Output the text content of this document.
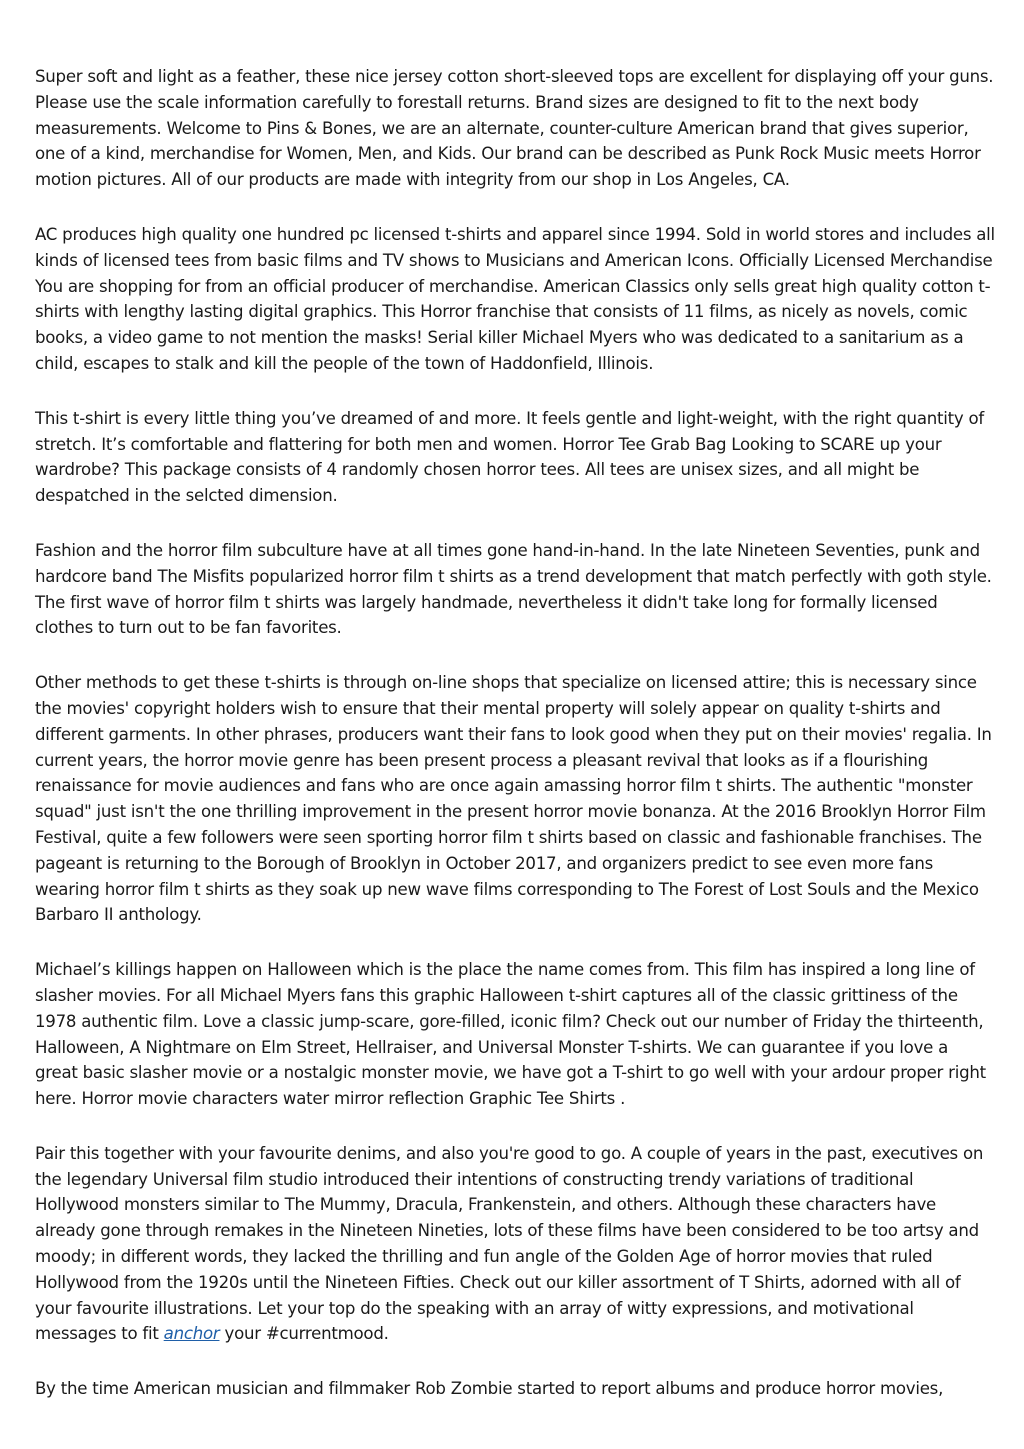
Super soft and light as a feather, these nice jersey cotton short-sleeved tops are excellent for displaying off your guns. Please use the scale information carefully to forestall returns. Brand sizes are designed to fit to the next body measurements. Welcome to Pins & Bones, we are an alternate, counter-culture American brand that gives superior, one of a kind, merchandise for Women, Men, and Kids. Our brand can be described as Punk Rock Music meets Horror motion pictures. All of our products are made with integrity from our shop in Los Angeles, CA.

AC produces high quality one hundred pc licensed t-shirts and apparel since 1994. Sold in world stores and includes all kinds of licensed tees from basic films and TV shows to Musicians and American Icons. Officially Licensed Merchandise You are shopping for from an official producer of merchandise. American Classics only sells great high quality cotton t-shirts with lengthy lasting digital graphics. This Horror franchise that consists of 11 films, as nicely as novels, comic books, a video game to not mention the masks! Serial killer Michael Myers who was dedicated to a sanitarium as a child, escapes to stalk and kill the people of the town of Haddonfield, Illinois.

This t-shirt is every little thing you’ve dreamed of and more. It feels gentle and light-weight, with the right quantity of stretch. It’s comfortable and flattering for both men and women. Horror Tee Grab Bag Looking to SCARE up your wardrobe? This package consists of 4 randomly chosen horror tees. All tees are unisex sizes, and all might be despatched in the selcted dimension.

Fashion and the horror film subculture have at all times gone hand-in-hand. In the late Nineteen Seventies, punk and hardcore band The Misfits popularized horror film t shirts as a trend development that match perfectly with goth style. The first wave of horror film t shirts was largely handmade, nevertheless it didn't take long for formally licensed clothes to turn out to be fan favorites.

Other methods to get these t-shirts is through on-line shops that specialize on licensed attire; this is necessary since the movies' copyright holders wish to ensure that their mental property will solely appear on quality t-shirts and different garments. In other phrases, producers want their fans to look good when they put on their movies' regalia. In current years, the horror movie genre has been present process a pleasant revival that looks as if a flourishing renaissance for movie audiences and fans who are once again amassing horror film t shirts. The authentic "monster squad" just isn't the one thrilling improvement in the present horror movie bonanza. At the 2016 Brooklyn Horror Film Festival, quite a few followers were seen sporting horror film t shirts based on classic and fashionable franchises. The pageant is returning to the Borough of Brooklyn in October 2017, and organizers predict to see even more fans wearing horror film t shirts as they soak up new wave films corresponding to The Forest of Lost Souls and the Mexico Barbaro II anthology.

Michael’s killings happen on Halloween which is the place the name comes from. This film has inspired a long line of slasher movies. For all Michael Myers fans this graphic Halloween t-shirt captures all of the classic grittiness of the 1978 authentic film. Love a classic jump-scare, gore-filled, iconic film? Check out our number of Friday the thirteenth, Halloween, A Nightmare on Elm Street, Hellraiser, and Universal Monster T-shirts. We can guarantee if you love a great basic slasher movie or a nostalgic monster movie, we have got a T-shirt to go well with your ardour proper right here. Horror movie characters water mirror reflection Graphic Tee Shirts .

Pair this together with your favourite denims, and also you're good to go. A couple of years in the past, executives on the legendary Universal film studio introduced their intentions of constructing trendy variations of traditional Hollywood monsters similar to The Mummy, Dracula, Frankenstein, and others. Although these characters have already gone through remakes in the Nineteen Nineties, lots of these films have been considered to be too artsy and moody; in different words, they lacked the thrilling and fun angle of the Golden Age of horror movies that ruled Hollywood from the 1920s until the Nineteen Fifties. Check out our killer assortment of T Shirts, adorned with all of your favourite illustrations. Let your top do the speaking with an array of witty expressions, and motivational messages to fit anchor your #currentmood.

By the time American musician and filmmaker Rob Zombie started to report albums and produce horror movies,
